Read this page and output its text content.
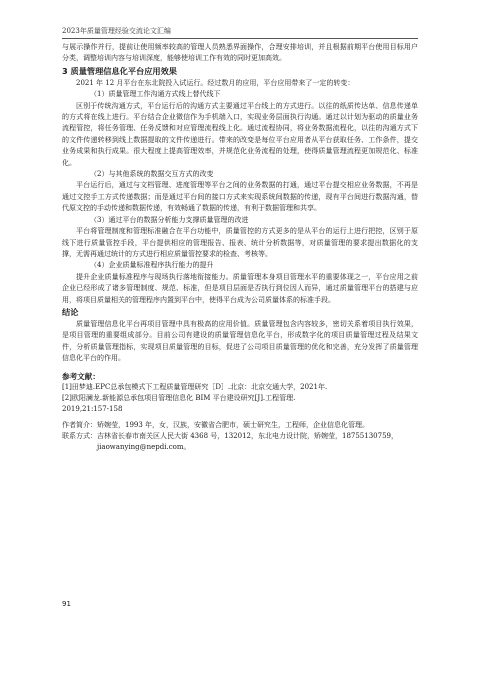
2023年质量管理经验交流论文汇编

与展示操作并行，提前让使用频率较高的管理人员熟悉界面操作，合理安排培训，并且根据前期平台使用目标用户分类，调整培训内容与培训深度，能够使培训工作有效的同时更加高效。

3 质量管理信息化平台应用效果

2021 年 12 月平台在东北院投入试运行。经过数月的应用，平台应用带来了一定的转变：

（1）质量管理工作沟通方式线上替代线下

区别于传统沟通方式，平台运行后的沟通方式主要通过平台线上的方式进行。以往的纸质传达单、信息传递单的方式将在线上进行。平台结合企业微信作为手机端入口，实现业务层面执行沟通。通过以计划为驱动的质量业务流程管控，将任务管理、任务反馈和对应管理流程线上化。通过流程协同，将业务数据流程化，以往的沟通方式下的文件传递转移到线上数据提取的文件传递进行。带来的改变是每位平台应用者从平台获取任务、工作条件，提交业务成果和执行成果。很大程度上提高管理效率，并规范化业务流程的处理，使得质量管理流程更加规范化、标准化。

（2）与其他系统的数据交互方式的改变

平台运行后，通过与文档管理、进度管理等平台之间的业务数据的打通，通过平台提交相应业务数据，不再是通过文控手工方式传递数据；而是通过平台间的接口方式来实现系统间数据的传递，现有平台间进行数据沟通，替代原文控的手动传递和数据传递，有效畅通了数据的传递，有利于数据管理和共享。

（3）通过平台的数据分析能力支撑质量管理的改进

平台将管理制度和管理标准融合在平台功能中，质量管控的方式更多的是从平台的运行上进行把控，区别于原线下进行质量管控手段，平台提供相应的管理报告、报表、统计分析数据等，对质量管理的要求提出数据化的支撑，无需再通过统计的方式进行相应质量管控要求的检查、考核等。

（4）企业质量标准程序执行能力的提升

提升企业质量标准程序与现场执行落地衔接能力。质量管理本身项目管理水平的重要体现之一，平台应用之前企业已经形成了诸多管理制度、规范、标准，但是项目层面是否执行到位因人而异，通过质量管理平台的搭建与应用，将项目质量相关的管理程序内置到平台中，使得平台成为公司质量体系的标准手段。

结论

质量管理信息化平台再项目管理中具有极高的应用价值。质量管理包含内容较多，密切关系着项目执行效果，是项目管理的重要组成部分。目前公司有建设的质量管理信息化平台，形成数字化的项目质量管理过程及结果文件，分析质量管理指标，实现项目质量管理的目标，促进了公司项目质量管理的优化和完善，充分发挥了质量管理信息化平台的作用。

参考文献：
[1]田梦迪.EPC总承包模式下工程质量管理研究［D］.北京：北京交通大学，2021年.
[2]欧阳澜龙.新能源总承包项目管理信息化 BIM 平台建设研究[J].工程管理.
2019,21:157-158

作者简介：矫婉莹，1993 年，女，汉族，安徽省合肥市，硕士研究生，工程师，企业信息化管理。

联系方式： 吉林省长春市南关区人民大街 4368 号，132012，东北电力设计院，矫婉莹，18755130759，jiaowanying@nepdi.com。
91
